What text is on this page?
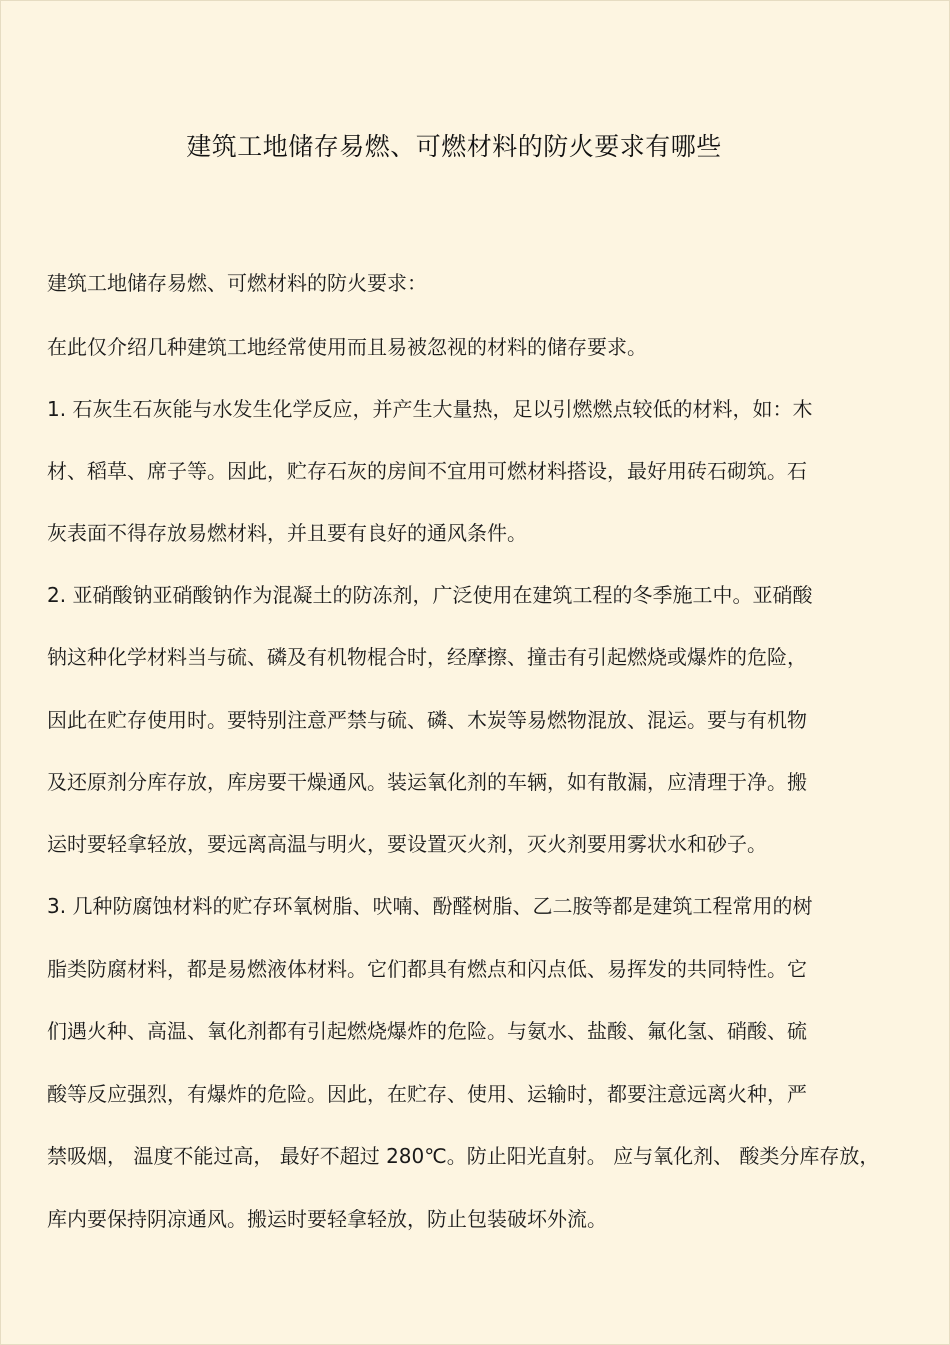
建筑工地储存易燃、可燃材料的防火要求有哪些
建筑工地储存易燃、可燃材料的防火要求：
在此仅介绍几种建筑工地经常使用而且易被忽视的材料的储存要求。
1. 石灰生石灰能与水发生化学反应，并产生大量热，足以引燃燃点较低的材料，如：木
材、稻草、席子等。因此，贮存石灰的房间不宜用可燃材料搭设，最好用砖石砌筑。石
灰表面不得存放易燃材料，并且要有良好的通风条件。
2. 亚硝酸钠亚硝酸钠作为混凝土的防冻剂，广泛使用在建筑工程的冬季施工中。亚硝酸
钠这种化学材料当与硫、磷及有机物棍合时，经摩擦、撞击有引起燃烧或爆炸的危险，
因此在贮存使用时。要特别注意严禁与硫、磷、木炭等易燃物混放、混运。要与有机物
及还原剂分库存放，库房要干燥通风。装运氧化剂的车辆，如有散漏，应清理于净。搬
运时要轻拿轻放，要远离高温与明火，要设置灭火剂，灭火剂要用雾状水和砂子。
3. 几种防腐蚀材料的贮存环氧树脂、吠喃、酚醛树脂、乙二胺等都是建筑工程常用的树
脂类防腐材料，都是易燃液体材料。它们都具有燃点和闪点低、易挥发的共同特性。它
们遇火种、高温、氧化剂都有引起燃烧爆炸的危险。与氨水、盐酸、氟化氢、硝酸、硫
酸等反应强烈，有爆炸的危险。因此，在贮存、使用、运输时，都要注意远离火种，严
禁吸烟， 温度不能过高， 最好不超过 280℃。防止阳光直射。 应与氧化剂、 酸类分库存放，
库内要保持阴凉通风。搬运时要轻拿轻放，防止包装破坏外流。
